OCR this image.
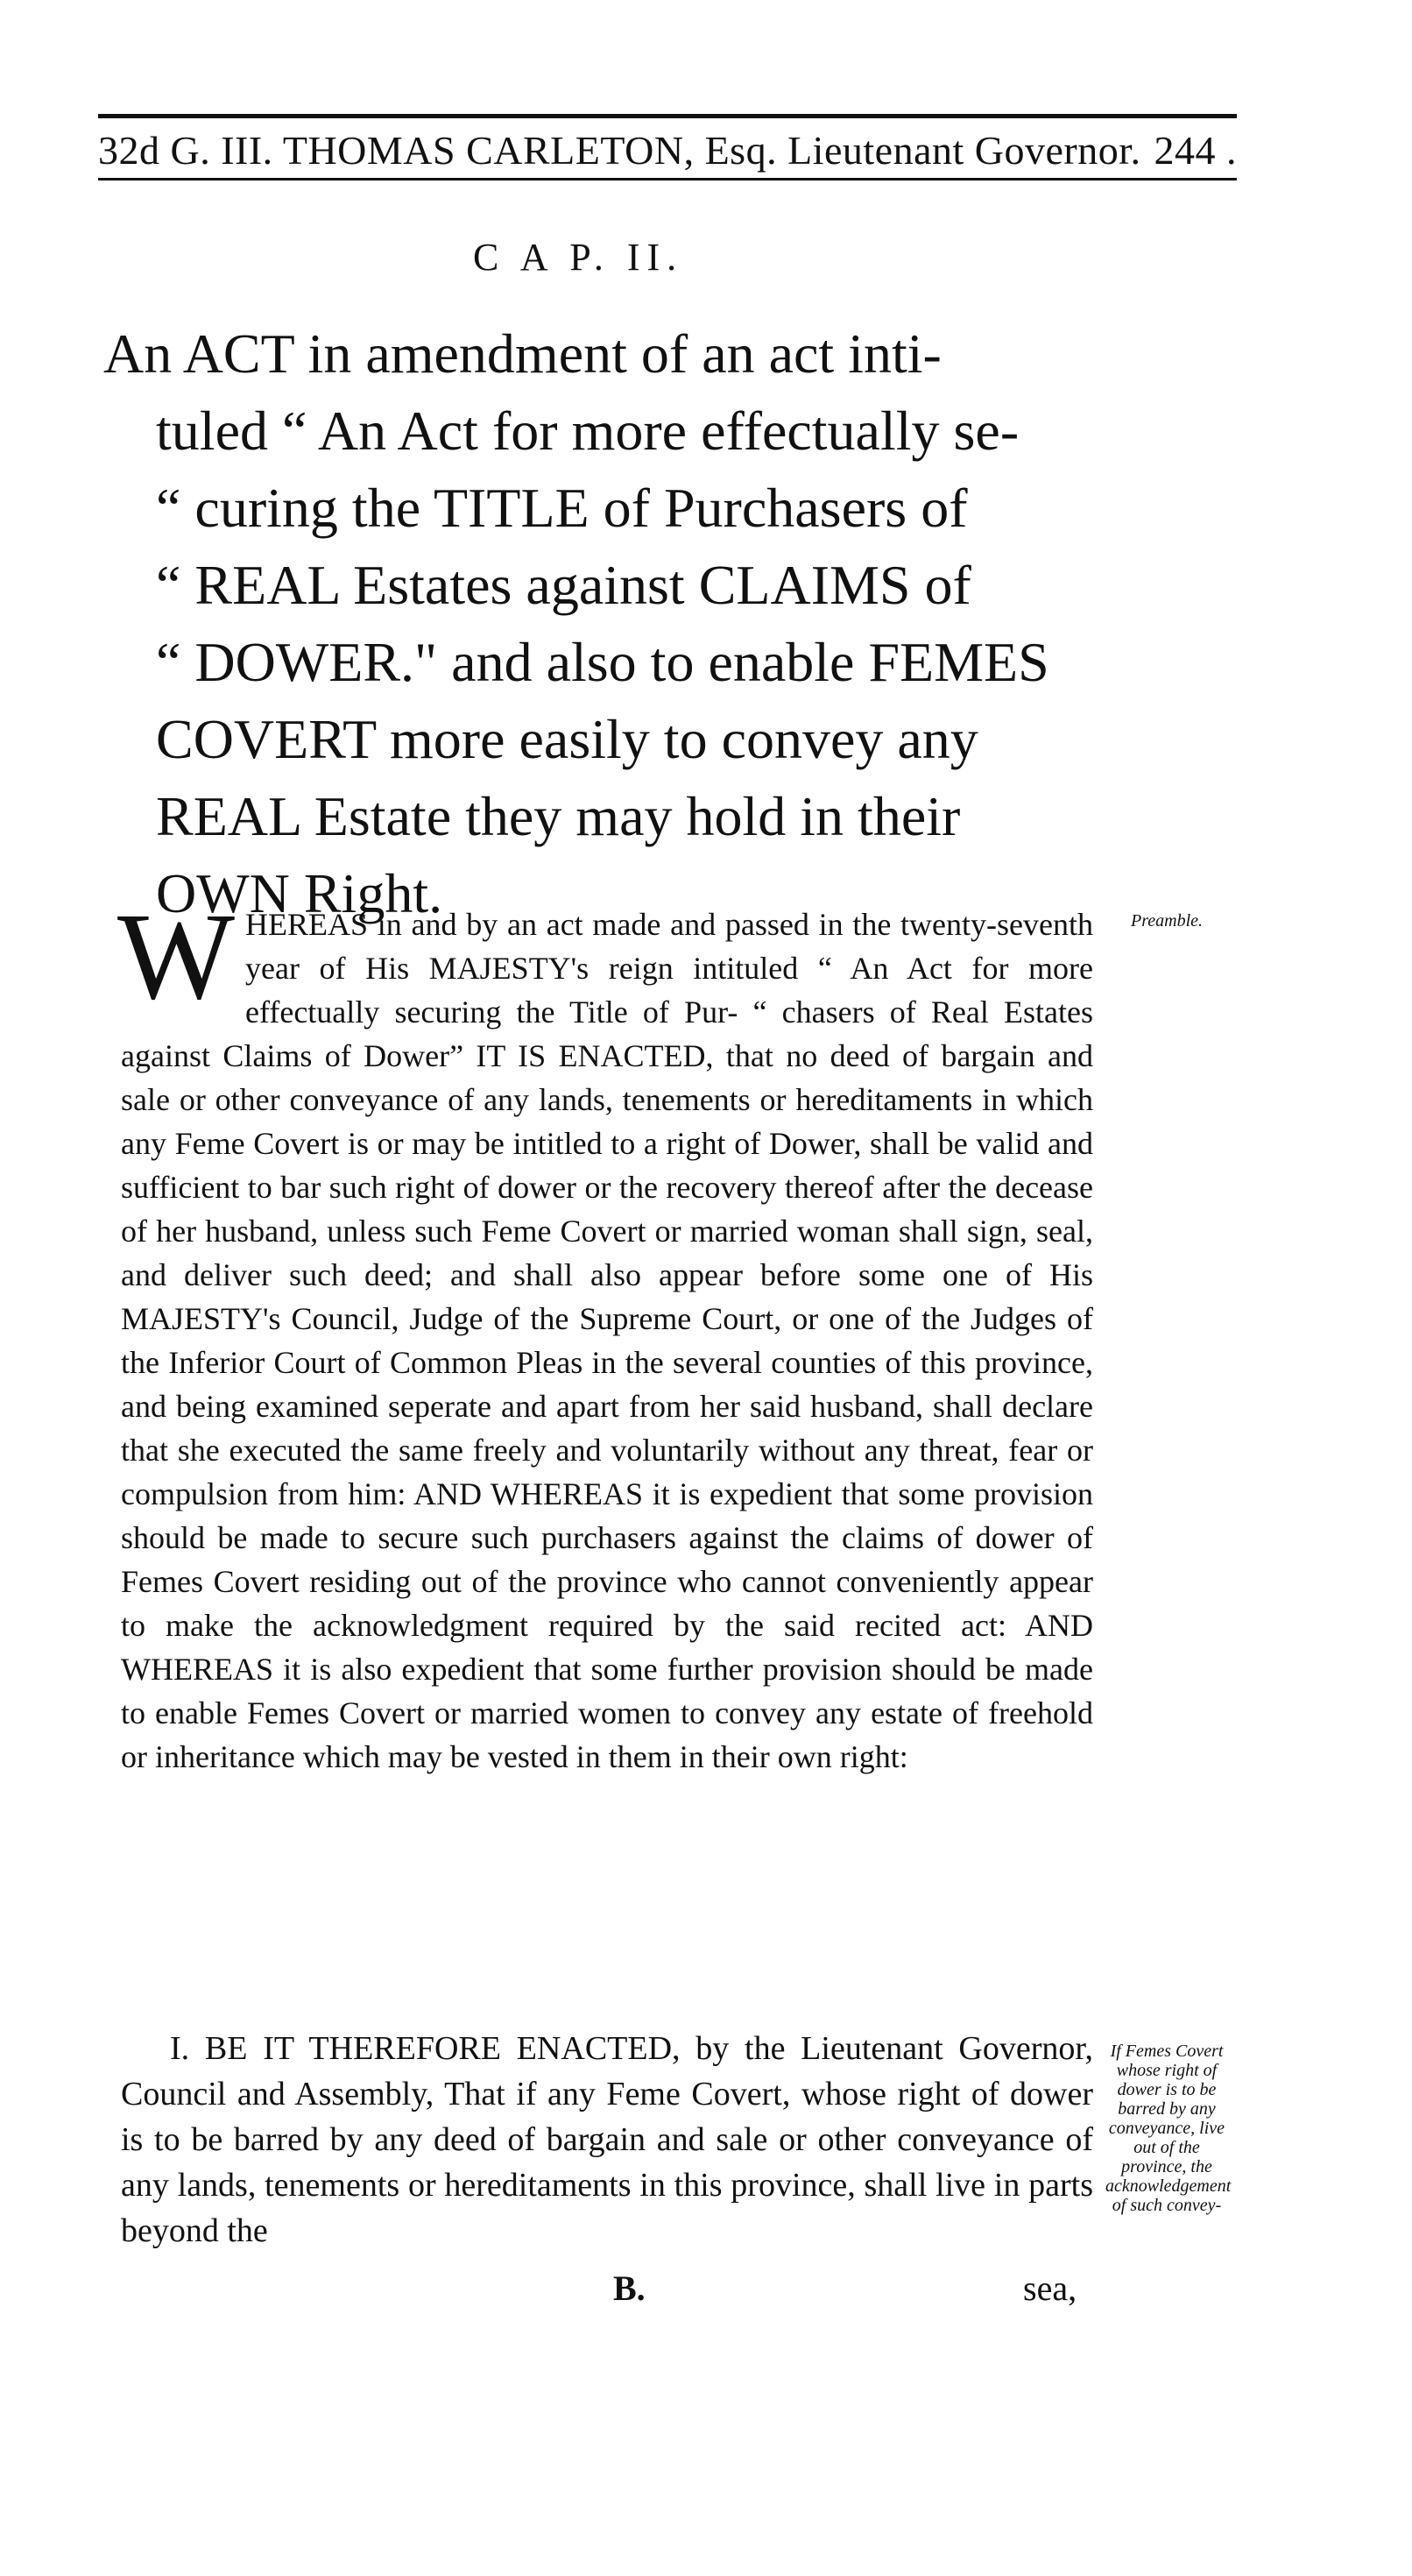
32d G. III. THOMAS CARLETON, Esq. Lieutenant Governor. 244 .
C A P. II.
An ACT in amendment of an act inti-
tuled “ An Act for more effectually se-
“ curing the TITLE of Purchasers of
“ REAL Estates against CLAIMS of
“ DOWER." and also to enable FEMES
COVERT more easily to convey any
REAL Estate they may hold in their
OWN Right.	Preamble.
W HEREAS in and by an act made and passed in the twenty-seventh year of His MAJESTY's reign intituled “ An Act for more effectually securing the Title of Pur- “ chasers of Real Estates against Claims of Dower” IT IS ENACTED, that no deed of bargain and sale or other conveyance of any lands, tenements or hereditaments in which any Feme Covert is or may be intitled to a right of Dower, shall be valid and sufficient to bar such right of dower or the recovery thereof after the decease of her husband, unless such Feme Covert or married woman shall sign, seal, and deliver such deed; and shall also appear before some one of His MAJESTY's Council, Judge of the Supreme Court, or one of the Judges of the Inferior Court of Common Pleas in the several counties of this province, and being examined seperate and apart from her said husband, shall declare that she executed the same freely and voluntarily without any threat, fear or compulsion from him: AND WHEREAS it is expedient that some provision should be made to secure such purchasers against the claims of dower of Femes Covert residing out of the province who cannot conveniently appear to make the acknowledgment required by the said recited act: AND WHEREAS it is also expedient that some further provision should be made to enable Femes Covert or married women to convey any estate of freehold or inheritance which may be vested in them in their own right:

I. BE IT THEREFORE ENACTED, by the Lieutenant Governor, Council and Assembly, That if any Feme Covert, whose right of dower is to be barred by any deed of bargain and sale or other conveyance of any lands, tenements or hereditaments in this province, shall live in parts beyond the

If Femes Covert whose right of dower is to be barred by any conveyance, live out of the province, the acknowledgement of such convey-
B.	sea,
